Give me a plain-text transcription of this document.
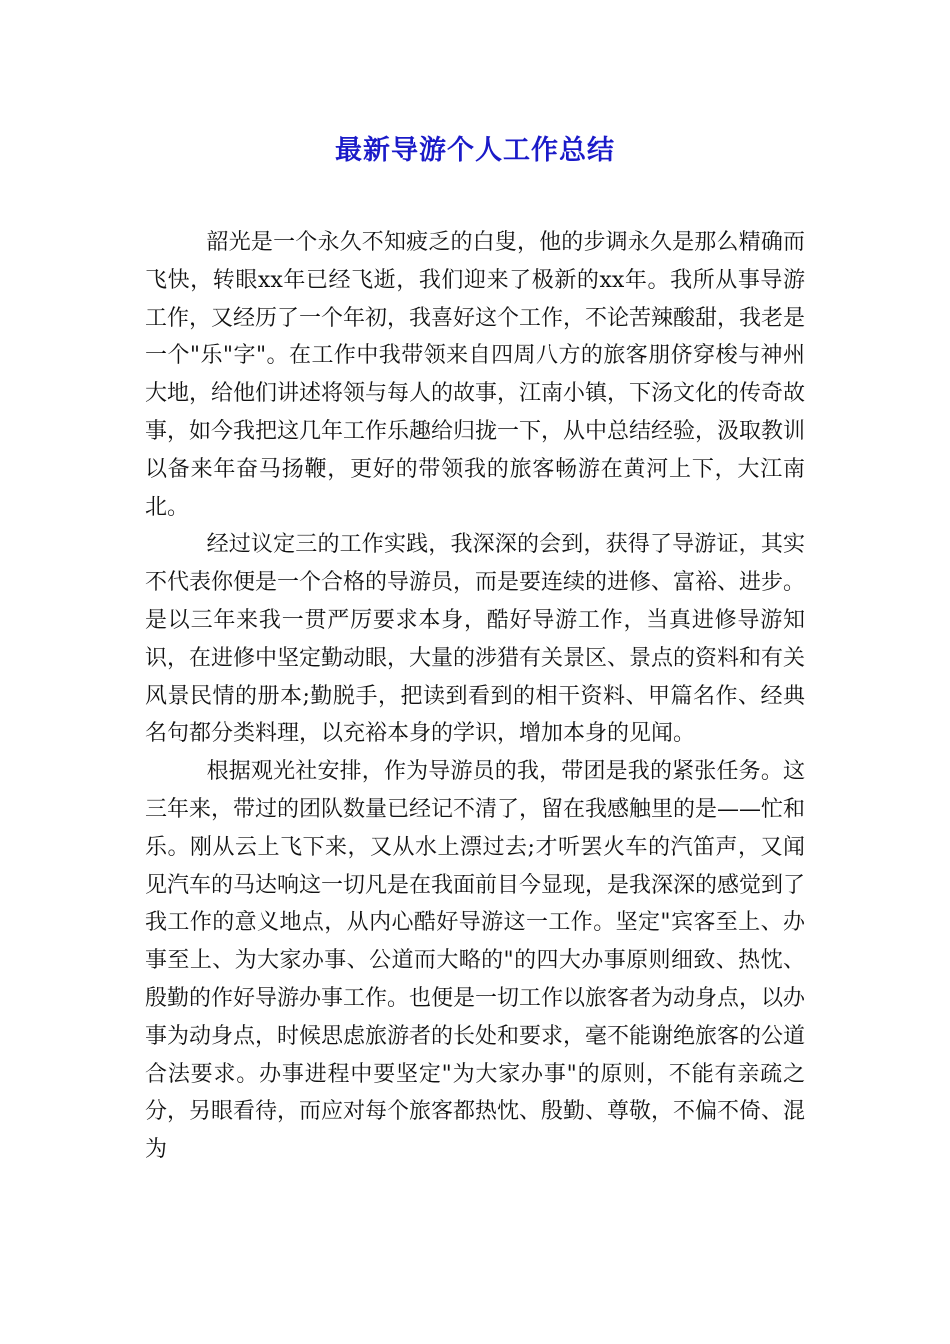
最新导游个人工作总结

韶光是一个永久不知疲乏的白叟，他的步调永久是那么精确而飞快，转眼xx年已经飞逝，我们迎来了极新的xx年。我所从事导游工作，又经历了一个年初，我喜好这个工作，不论苦辣酸甜，我老是一个"乐"字"。在工作中我带领来自四周八方的旅客朋侪穿梭与神州大地，给他们讲述将领与每人的故事，江南小镇，下汤文化的传奇故事，如今我把这几年工作乐趣给归拢一下，从中总结经验，汲取教训以备来年奋马扬鞭，更好的带领我的旅客畅游在黄河上下，大江南北。

经过议定三的工作实践，我深深的会到，获得了导游证，其实不代表你便是一个合格的导游员，而是要连续的进修、富裕、进步。是以三年来我一贯严厉要求本身，酷好导游工作，当真进修导游知识，在进修中坚定勤动眼，大量的涉猎有关景区、景点的资料和有关风景民情的册本;勤脱手，把读到看到的相干资料、甲篇名作、经典名句都分类料理，以充裕本身的学识，增加本身的见闻。

根据观光社安排，作为导游员的我，带团是我的紧张任务。这三年来，带过的团队数量已经记不清了，留在我感触里的是——忙和乐。刚从云上飞下来，又从水上漂过去;才听罢火车的汽笛声，又闻见汽车的马达响这一切凡是在我面前目今显现，是我深深的感觉到了我工作的意义地点，从内心酷好导游这一工作。坚定"宾客至上、办事至上、为大家办事、公道而大略的"的四大办事原则细致、热忱、殷勤的作好导游办事工作。也便是一切工作以旅客者为动身点，以办事为动身点，时候思虑旅游者的长处和要求，毫不能谢绝旅客的公道合法要求。办事进程中要坚定"为大家办事"的原则，不能有亲疏之分，另眼看待，而应对每个旅客都热忱、殷勤、尊敬，不偏不倚、混为
